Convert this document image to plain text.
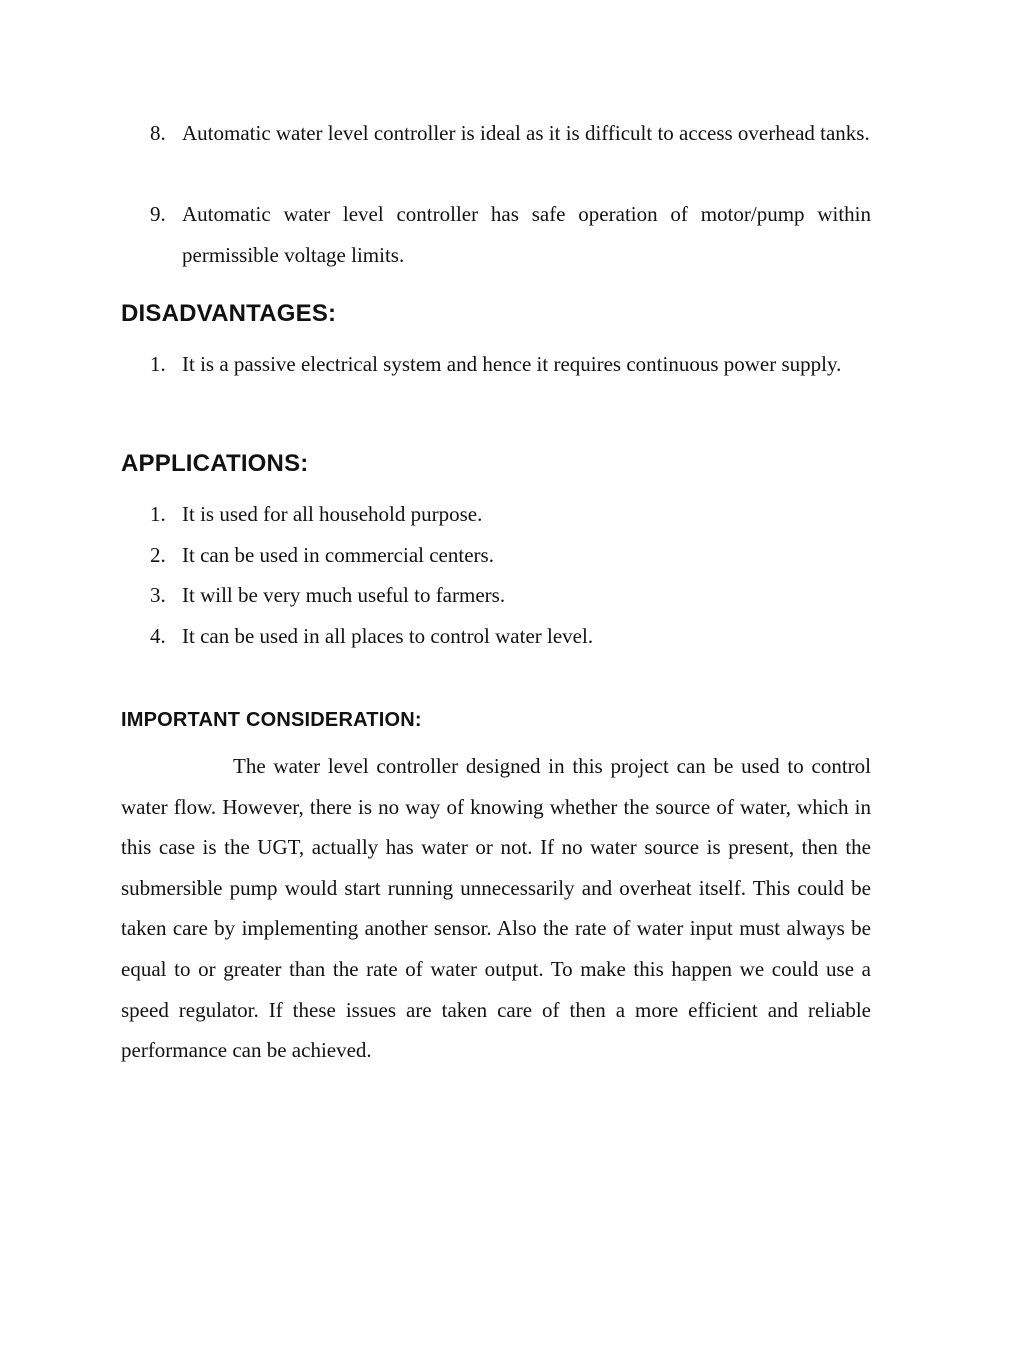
8. Automatic water level controller is ideal as it is difficult to access overhead tanks.
9. Automatic water level controller has safe operation of motor/pump within permissible voltage limits.
DISADVANTAGES:
1. It is a passive electrical system and hence it requires continuous power supply.
APPLICATIONS:
1. It is used for all household purpose.
2. It can be used in commercial centers.
3. It will be very much useful to farmers.
4. It can be used in all places to control water level.
IMPORTANT CONSIDERATION:
The water level controller designed in this project can be used to control water flow. However, there is no way of knowing whether the source of water, which in this case is the UGT, actually has water or not. If no water source is present, then the submersible pump would start running unnecessarily and overheat itself. This could be taken care by implementing another sensor. Also the rate of water input must always be equal to or greater than the rate of water output. To make this happen we could use a speed regulator. If these issues are taken care of then a more efficient and reliable performance can be achieved.
